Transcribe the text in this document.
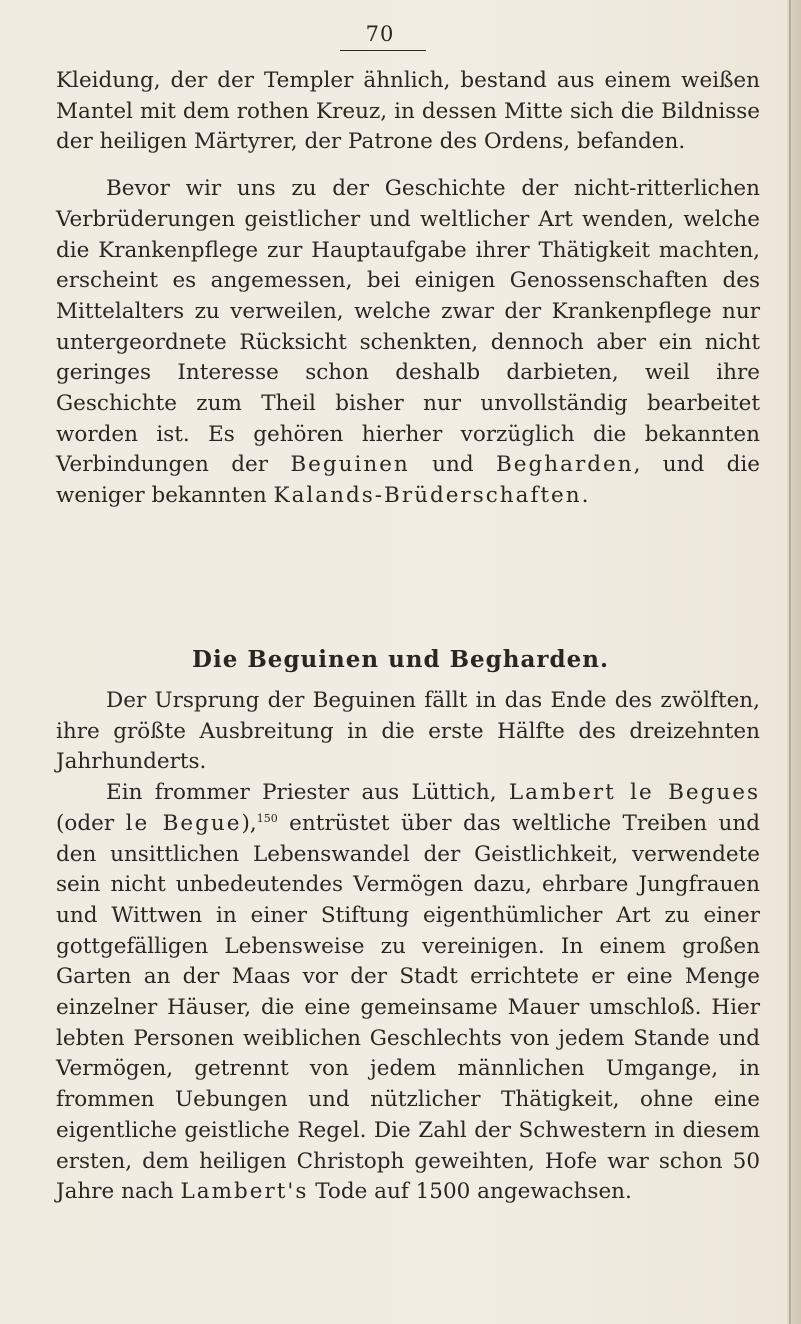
70

Kleidung, der der Templer ähnlich, bestand aus einem weißen Mantel mit dem rothen Kreuz, in dessen Mitte sich die Bildnisse der heiligen Märtyrer, der Patrone des Ordens, befanden.

Bevor wir uns zu der Geschichte der nicht-ritterlichen Verbrüderungen geistlicher und weltlicher Art wenden, welche die Krankenpflege zur Hauptaufgabe ihrer Thätigkeit machten, erscheint es angemessen, bei einigen Genossenschaften des Mittelalters zu verweilen, welche zwar der Krankenpflege nur untergeordnete Rücksicht schenkten, dennoch aber ein nicht geringes Interesse schon deshalb darbieten, weil ihre Geschichte zum Theil bisher nur unvollständig bearbeitet worden ist. Es gehören hierher vorzüglich die bekannten Verbindungen der Beguinen und Begharden, und die weniger bekannten Kalands-Brüderschaften.

Die Beguinen und Begharden.

Der Ursprung der Beguinen fällt in das Ende des zwölften, ihre größte Ausbreitung in die erste Hälfte des dreizehnten Jahrhunderts.

Ein frommer Priester aus Lüttich, Lambert le Begues (oder le Begue),$^{150}$ entrüstet über das weltliche Treiben und den unsittlichen Lebenswandel der Geistlichkeit, verwendete sein nicht unbedeutendes Vermögen dazu, ehrbare Jungfrauen und Wittwen in einer Stiftung eigenthümlicher Art zu einer gottgefälligen Lebensweise zu vereinigen. In einem großen Garten an der Maas vor der Stadt errichtete er eine Menge einzelner Häuser, die eine gemeinsame Mauer umschloß. Hier lebten Personen weiblichen Geschlechts von jedem Stande und Vermögen, getrennt von jedem männlichen Umgange, in frommen Uebungen und nützlicher Thätigkeit, ohne eine eigentliche geistliche Regel. Die Zahl der Schwestern in diesem ersten, dem heiligen Christoph geweihten, Hofe war schon 50 Jahre nach Lambert's Tode auf 1500 angewachsen.
